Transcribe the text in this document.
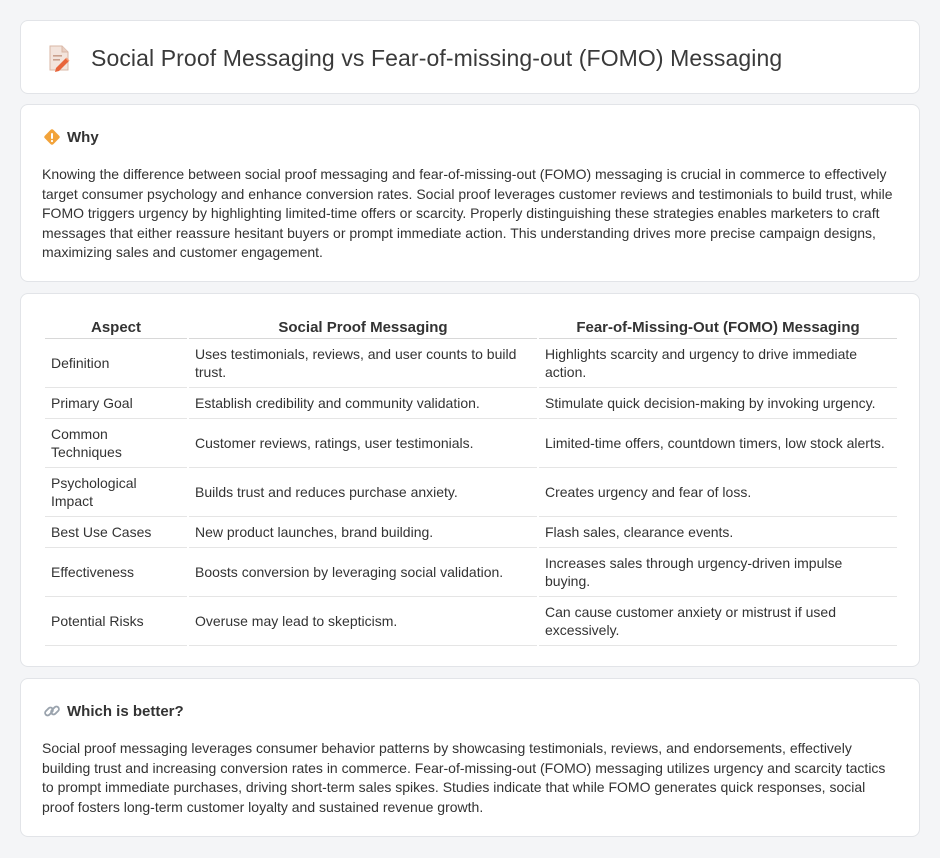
Social Proof Messaging vs Fear-of-missing-out (FOMO) Messaging
Why

Knowing the difference between social proof messaging and fear-of-missing-out (FOMO) messaging is crucial in commerce to effectively target consumer psychology and enhance conversion rates. Social proof leverages customer reviews and testimonials to build trust, while FOMO triggers urgency by highlighting limited-time offers or scarcity. Properly distinguishing these strategies enables marketers to craft messages that either reassure hesitant buyers or prompt immediate action. This understanding drives more precise campaign designs, maximizing sales and customer engagement.

Aspect	Social Proof Messaging	Fear-of-Missing-Out (FOMO) Messaging
Definition	Uses testimonials, reviews, and user counts to build trust.	Highlights scarcity and urgency to drive immediate action.
Primary Goal	Establish credibility and community validation.	Stimulate quick decision-making by invoking urgency.
Common Techniques	Customer reviews, ratings, user testimonials.	Limited-time offers, countdown timers, low stock alerts.
Psychological Impact	Builds trust and reduces purchase anxiety.	Creates urgency and fear of loss.
Best Use Cases	New product launches, brand building.	Flash sales, clearance events.
Effectiveness	Boosts conversion by leveraging social validation.	Increases sales through urgency-driven impulse buying.
Potential Risks	Overuse may lead to skepticism.	Can cause customer anxiety or mistrust if used excessively.
Which is better?

Social proof messaging leverages consumer behavior patterns by showcasing testimonials, reviews, and endorsements, effectively building trust and increasing conversion rates in commerce. Fear-of-missing-out (FOMO) messaging utilizes urgency and scarcity tactics to prompt immediate purchases, driving short-term sales spikes. Studies indicate that while FOMO generates quick responses, social proof fosters long-term customer loyalty and sustained revenue growth.
